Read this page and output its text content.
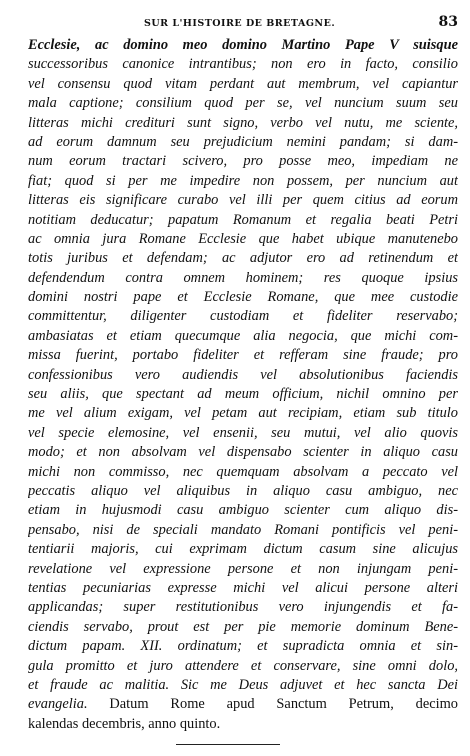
SUR L'HISTOIRE DE BRETAGNE.	83
Ecclesie, ac domino meo domino Martino Pape V suisque
successoribus canonice intrantibus; non ero in facto, consilio
vel consensu quod vitam perdant aut membrum, vel capiantur
mala captione; consilium quod per se, vel nuncium suum seu
litteras michi credituri sunt signo, verbo vel nutu, me sciente,
ad eorum damnum seu prejudicium nemini pandam; si dam-
num eorum tractari scivero, pro posse meo, impediam ne
fiat; quod si per me impedire non possem, per nuncium aut
litteras eis significare curabo vel illi per quem citius ad eorum
notitiam deducatur; papatum Romanum et regalia beati Petri
ac omnia jura Romane Ecclesie que habet ubique manutenebo
totis juribus et defendam; ac adjutor ero ad retinendum et
defendendum contra omnem hominem; res quoque ipsius
domini nostri pape et Ecclesie Romane, que mee custodie
committentur, diligenter custodiam et fideliter reservabo;
ambasiatas et etiam quecumque alia negocia, que michi com-
missa fuerint, portabo fideliter et refferam sine fraude; pro
confessionibus vero audiendis vel absolutionibus faciendis
seu aliis, que spectant ad meum officium, nichil omnino per
me vel alium exigam, vel petam aut recipiam, etiam sub titulo
vel specie elemosine, vel ensenii, seu mutui, vel alio quovis
modo; et non absolvam vel dispensabo scienter in aliquo casu
michi non commisso, nec quemquam absolvam a peccato vel
peccatis aliquo vel aliquibus in aliquo casu ambiguo, nec
etiam in hujusmodi casu ambiguo scienter cum aliquo dis-
pensabo, nisi de speciali mandato Romani pontificis vel peni-
tentiarii majoris, cui exprimam dictum casum sine alicujus
revelatione vel expressione persone et non injungam peni-
tentias pecuniarias expresse michi vel alicui persone alteri
applicandas; super restitutionibus vero injungendis et fa-
ciendis servabo, prout est per pie memorie dominum Bene-
dictum papam. XII. ordinatum; et supradicta omnia et sin-
gula promitto et juro attendere et conservare, sine omni dolo,
et fraude ac malitia. Sic me Deus adjuvet et hec sancta Dei
evangelia. Datum Rome apud Sanctum Petrum, decimo
kalendas decembris, anno quinto.
